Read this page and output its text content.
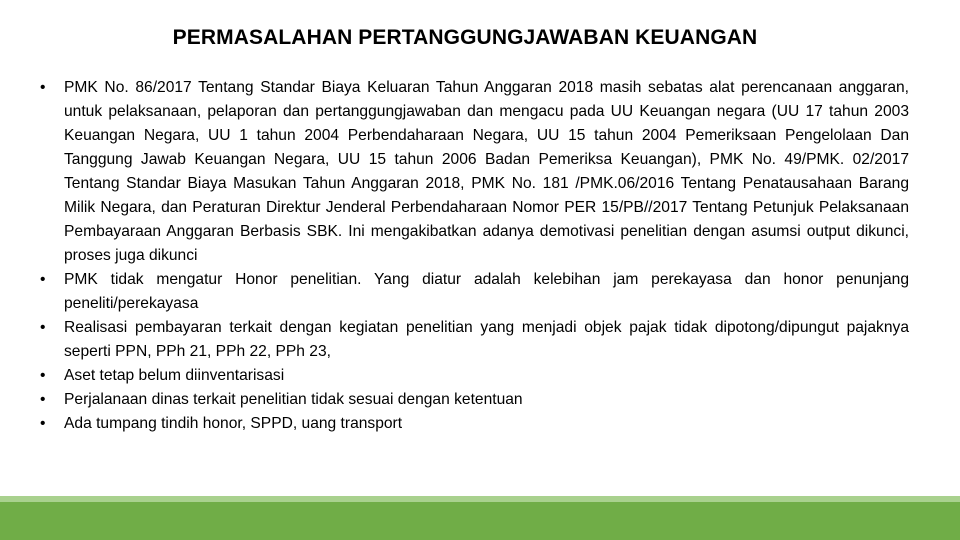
PERMASALAHAN PERTANGGUNGJAWABAN KEUANGAN
• PMK No. 86/2017 Tentang Standar Biaya Keluaran Tahun Anggaran 2018 masih sebatas alat perencanaan anggaran, untuk pelaksanaan, pelaporan dan pertanggungjawaban dan mengacu pada UU Keuangan negara (UU 17 tahun 2003 Keuangan Negara, UU 1 tahun 2004 Perbendaharaan Negara, UU 15 tahun 2004 Pemeriksaan Pengelolaan Dan Tanggung Jawab Keuangan Negara, UU 15 tahun 2006 Badan Pemeriksa Keuangan), PMK No. 49/PMK. 02/2017 Tentang Standar Biaya Masukan Tahun Anggaran 2018, PMK No. 181 /PMK.06/2016 Tentang Penatausahaan Barang Milik Negara, dan Peraturan Direktur Jenderal Perbendaharaan Nomor PER 15/PB//2017 Tentang Petunjuk Pelaksanaan Pembayaraan Anggaran Berbasis SBK. Ini mengakibatkan adanya demotivasi penelitian dengan asumsi output dikunci, proses juga dikunci
• PMK tidak mengatur Honor penelitian. Yang diatur adalah kelebihan jam perekayasa dan honor penunjang peneliti/perekayasa
• Realisasi pembayaran terkait dengan kegiatan penelitian yang menjadi objek pajak tidak dipotong/dipungut pajaknya seperti PPN, PPh 21, PPh 22, PPh 23,
• Aset tetap belum diinventarisasi
• Perjalanaan dinas terkait penelitian tidak sesuai dengan ketentuan
• Ada tumpang tindih honor, SPPD, uang transport
